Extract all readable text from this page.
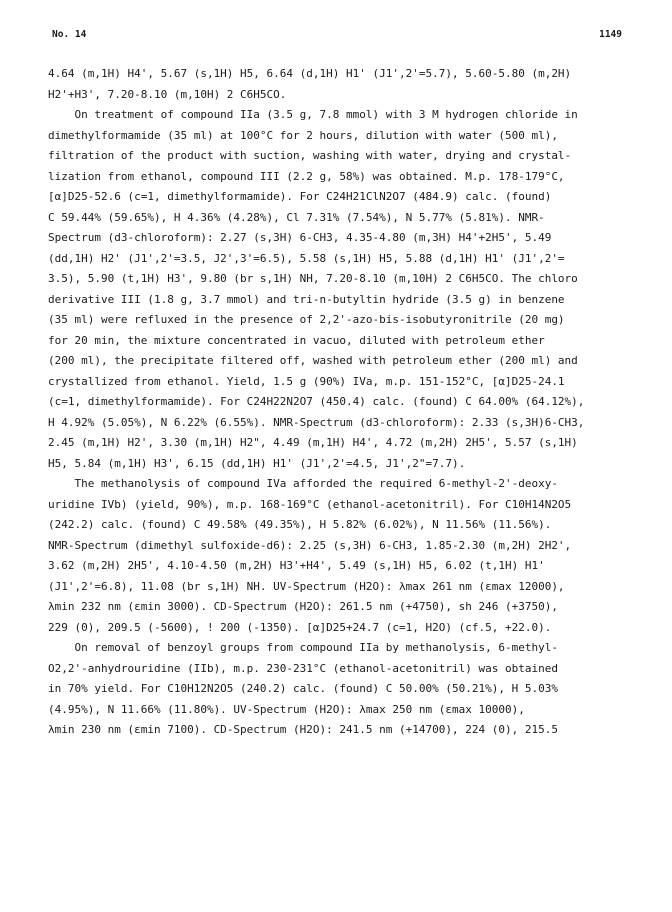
No. 14	1149
4.64 (m,1H) H4', 5.67 (s,1H) H5, 6.64 (d,1H) H1' (J1',2'=5.7), 5.60-5.80 (m,2H)
H2'+H3', 7.20-8.10 (m,10H) 2 C6H5CO.
On treatment of compound IIa (3.5 g, 7.8 mmol) with 3 M hydrogen chloride in
dimethylformamide (35 ml) at 100°C for 2 hours, dilution with water (500 ml),
filtration of the product with suction, washing with water, drying and crystal-
lization from ethanol, compound III (2.2 g, 58%) was obtained. M.p. 178-179°C,
[α]D25-52.6 (c=1, dimethylformamide). For C24H21ClN2O7 (484.9) calc. (found)
C 59.44% (59.65%), H 4.36% (4.28%), Cl 7.31% (7.54%), N 5.77% (5.81%). NMR-
Spectrum (d3-chloroform): 2.27 (s,3H) 6-CH3, 4.35-4.80 (m,3H) H4'+2H5', 5.49
(dd,1H) H2' (J1',2'=3.5, J2',3'=6.5), 5.58 (s,1H) H5, 5.88 (d,1H) H1' (J1',2'=
3.5), 5.90 (t,1H) H3', 9.80 (br s,1H) NH, 7.20-8.10 (m,10H) 2 C6H5CO. The chloro
derivative III (1.8 g, 3.7 mmol) and tri-n-butyltin hydride (3.5 g) in benzene
(35 ml) were refluxed in the presence of 2,2'-azo-bis-isobutyronitrile (20 mg)
for 20 min, the mixture concentrated in vacuo, diluted with petroleum ether
(200 ml), the precipitate filtered off, washed with petroleum ether (200 ml) and
crystallized from ethanol. Yield, 1.5 g (90%) IVa, m.p. 151-152°C, [α]D25-24.1
(c=1, dimethylformamide). For C24H22N2O7 (450.4) calc. (found) C 64.00% (64.12%),
H 4.92% (5.05%), N 6.22% (6.55%). NMR-Spectrum (d3-chloroform): 2.33 (s,3H)6-CH3,
2.45 (m,1H) H2', 3.30 (m,1H) H2", 4.49 (m,1H) H4', 4.72 (m,2H) 2H5', 5.57 (s,1H)
H5, 5.84 (m,1H) H3', 6.15 (dd,1H) H1' (J1',2'=4.5, J1',2"=7.7).
The methanolysis of compound IVa afforded the required 6-methyl-2'-deoxy-
uridine IVb) (yield, 90%), m.p. 168-169°C (ethanol-acetonitril). For C10H14N2O5
(242.2) calc. (found) C 49.58% (49.35%), H 5.82% (6.02%), N 11.56% (11.56%).
NMR-Spectrum (dimethyl sulfoxide-d6): 2.25 (s,3H) 6-CH3, 1.85-2.30 (m,2H) 2H2',
3.62 (m,2H) 2H5', 4.10-4.50 (m,2H) H3'+H4', 5.49 (s,1H) H5, 6.02 (t,1H) H1'
(J1',2'=6.8), 11.08 (br s,1H) NH. UV-Spectrum (H2O): λmax 261 nm (εmax 12000),
λmin 232 nm (εmin 3000). CD-Spectrum (H2O): 261.5 nm (+4750), sh 246 (+3750),
229 (0), 209.5 (-5600), ! 200 (-1350). [α]D25+24.7 (c=1, H2O) (cf.5, +22.0).
On removal of benzoyl groups from compound IIa by methanolysis, 6-methyl-
O2,2'-anhydrouridine (IIb), m.p. 230-231°C (ethanol-acetonitril) was obtained
in 70% yield. For C10H12N2O5 (240.2) calc. (found) C 50.00% (50.21%), H 5.03%
(4.95%), N 11.66% (11.80%). UV-Spectrum (H2O): λmax 250 nm (εmax 10000),
λmin 230 nm (εmin 7100). CD-Spectrum (H2O): 241.5 nm (+14700), 224 (0), 215.5
